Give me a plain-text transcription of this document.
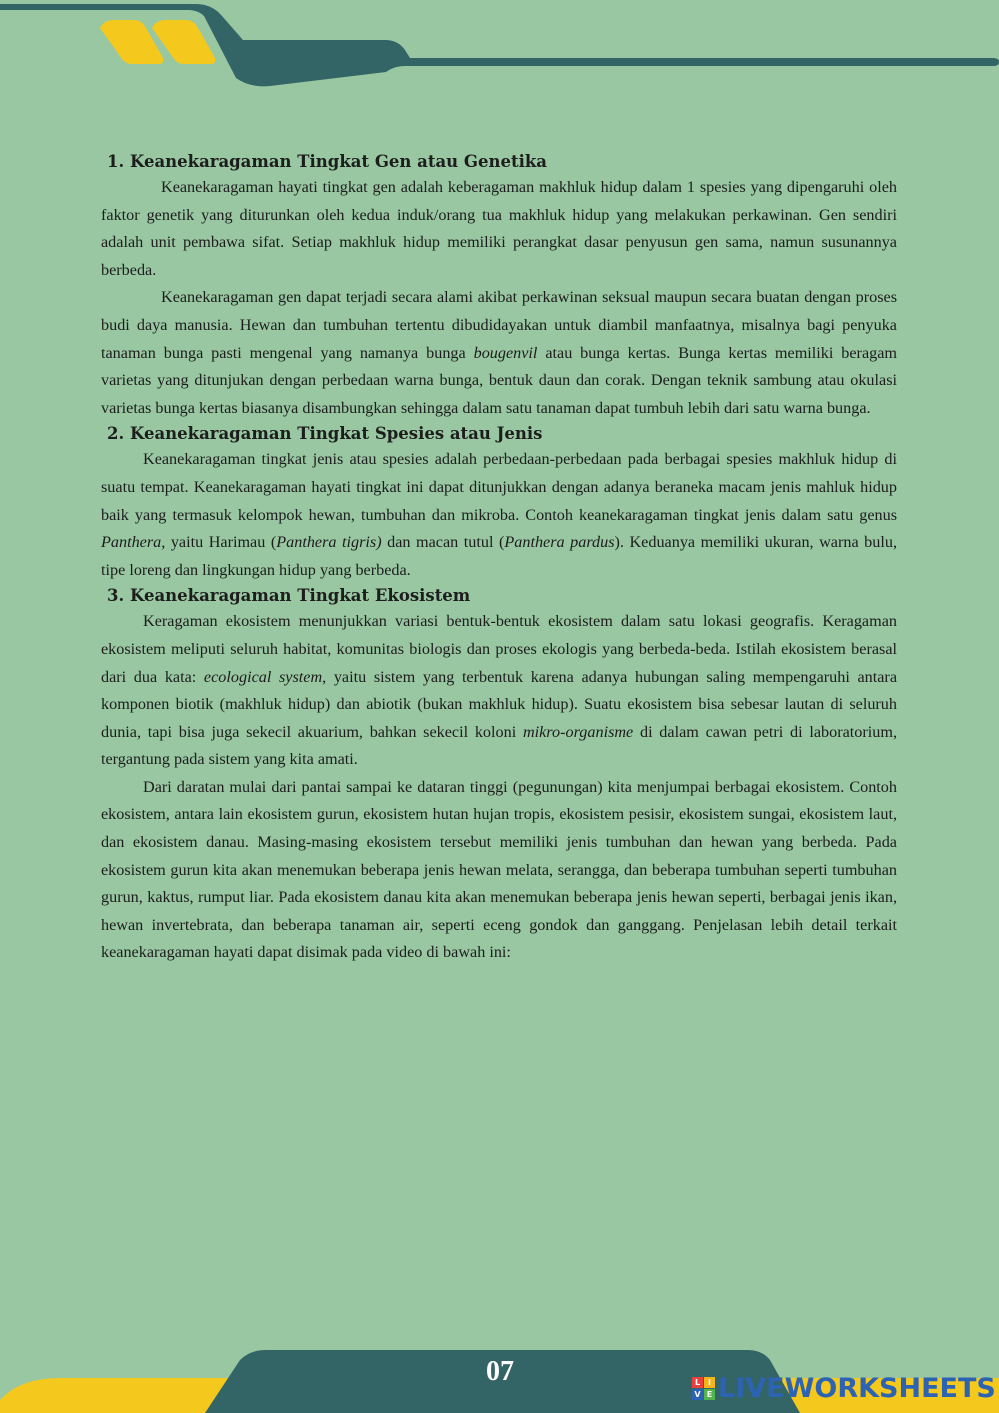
1. Keanekaragaman Tingkat Gen atau Genetika

Keanekaragaman hayati tingkat gen adalah keberagaman makhluk hidup dalam 1 spesies yang dipengaruhi oleh faktor genetik yang diturunkan oleh kedua induk/orang tua makhluk hidup yang melakukan perkawinan. Gen sendiri adalah unit pembawa sifat. Setiap makhluk hidup memiliki perangkat dasar penyusun gen sama, namun susunannya berbeda.

Keanekaragaman gen dapat terjadi secara alami akibat perkawinan seksual maupun secara buatan dengan proses budi daya manusia. Hewan dan tumbuhan tertentu dibudidayakan untuk diambil manfaatnya, misalnya bagi penyuka tanaman bunga pasti mengenal yang namanya bunga bougenvil atau bunga kertas. Bunga kertas memiliki beragam varietas yang ditunjukan dengan perbedaan warna bunga, bentuk daun dan corak. Dengan teknik sambung atau okulasi varietas bunga kertas biasanya disambungkan sehingga dalam satu tanaman dapat tumbuh lebih dari satu warna bunga.

2. Keanekaragaman Tingkat Spesies atau Jenis

Keanekaragaman tingkat jenis atau spesies adalah perbedaan-perbedaan pada berbagai spesies makhluk hidup di suatu tempat. Keanekaragaman hayati tingkat ini dapat ditunjukkan dengan adanya beraneka macam jenis mahluk hidup baik yang termasuk kelompok hewan, tumbuhan dan mikroba. Contoh keanekaragaman tingkat jenis dalam satu genus Panthera, yaitu Harimau (Panthera tigris) dan macan tutul (Panthera pardus). Keduanya memiliki ukuran, warna bulu, tipe loreng dan lingkungan hidup yang berbeda.

3. Keanekaragaman Tingkat Ekosistem

Keragaman ekosistem menunjukkan variasi bentuk-bentuk ekosistem dalam satu lokasi geografis. Keragaman ekosistem meliputi seluruh habitat, komunitas biologis dan proses ekologis yang berbeda-beda. Istilah ekosistem berasal dari dua kata: ecological system, yaitu sistem yang terbentuk karena adanya hubungan saling mempengaruhi antara komponen biotik (makhluk hidup) dan abiotik (bukan makhluk hidup). Suatu ekosistem bisa sebesar lautan di seluruh dunia, tapi bisa juga sekecil akuarium, bahkan sekecil koloni mikro-organisme di dalam cawan petri di laboratorium, tergantung pada sistem yang kita amati.

Dari daratan mulai dari pantai sampai ke dataran tinggi (pegunungan) kita menjumpai berbagai ekosistem. Contoh ekosistem, antara lain ekosistem gurun, ekosistem hutan hujan tropis, ekosistem pesisir, ekosistem sungai, ekosistem laut, dan ekosistem danau. Masing-masing ekosistem tersebut memiliki jenis tumbuhan dan hewan yang berbeda. Pada ekosistem gurun kita akan menemukan beberapa jenis hewan melata, serangga, dan beberapa tumbuhan seperti tumbuhan gurun, kaktus, rumput liar. Pada ekosistem danau kita akan menemukan beberapa jenis hewan seperti, berbagai jenis ikan, hewan invertebrata, dan beberapa tanaman air, seperti eceng gondok dan ganggang. Penjelasan lebih detail terkait keanekaragaman hayati dapat disimak pada video di bawah ini:

07	L I
V E LIVEWORKSHEETS
